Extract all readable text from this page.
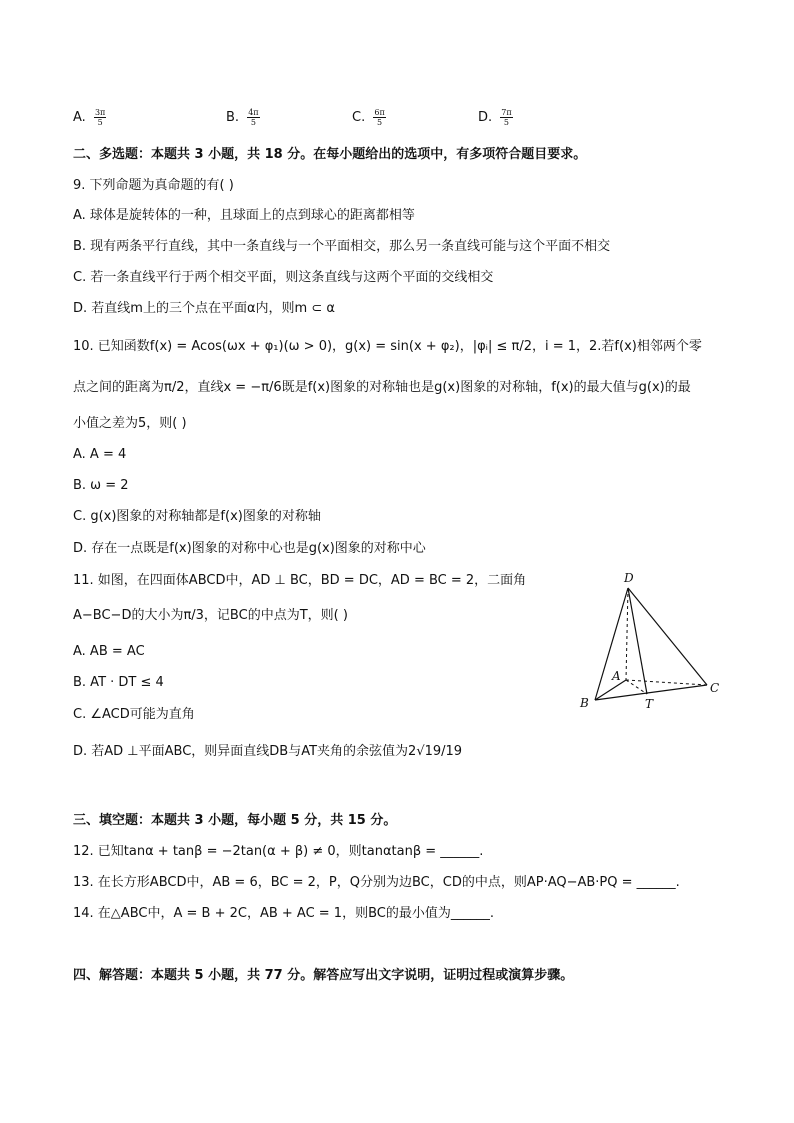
A. $\frac{3\pi}{5}$	B. $\frac{4\pi}{5}$	C. $\frac{6\pi}{5}$	D. $\frac{7\pi}{5}$
二、多选题：本题共 3 小题，共 18 分。在每小题给出的选项中，有多项符合题目要求。
9. 下列命题为真命题的有( )
A. 球体是旋转体的一种，且球面上的点到球心的距离都相等
B. 现有两条平行直线，其中一条直线与一个平面相交，那么另一条直线可能与这个平面不相交
C. 若一条直线平行于两个相交平面，则这条直线与这两个平面的交线相交
D. 若直线m上的三个点在平面α内，则m ⊂ α
10. 已知函数f(x) = Acos(ωx + φ₁)(ω > 0)，g(x) = sin(x + φ₂)，|φᵢ| ≤ π/2，i = 1，2.若f(x)相邻两个零
点之间的距离为π/2，直线x = −π/6既是f(x)图象的对称轴也是g(x)图象的对称轴，f(x)的最大值与g(x)的最
小值之差为5，则( )
A. A = 4
B. ω = 2
C. g(x)图象的对称轴都是f(x)图象的对称轴
D. 存在一点既是f(x)图象的对称中心也是g(x)图象的对称中心
11. 如图，在四面体ABCD中，AD ⊥ BC，BD = DC，AD = BC = 2，二面角
A−BC−D的大小为π/3，记BC的中点为T，则( )
A. AB = AC
B. AT · DT ≤ 4
C. ∠ACD可能为直角
D. 若AD ⊥平面ABC，则异面直线DB与AT夹角的余弦值为2√19/19
D
A
B
C
T
三、填空题：本题共 3 小题，每小题 5 分，共 15 分。
12. 已知tanα + tanβ = −2tan(α + β) ≠ 0，则tanαtanβ = ______.
13. 在长方形ABCD中，AB = 6，BC = 2，P，Q分别为边BC，CD的中点，则AP·AQ−AB·PQ = ______.
14. 在△ABC中，A = B + 2C，AB + AC = 1，则BC的最小值为______.
四、解答题：本题共 5 小题，共 77 分。解答应写出文字说明，证明过程或演算步骤。
